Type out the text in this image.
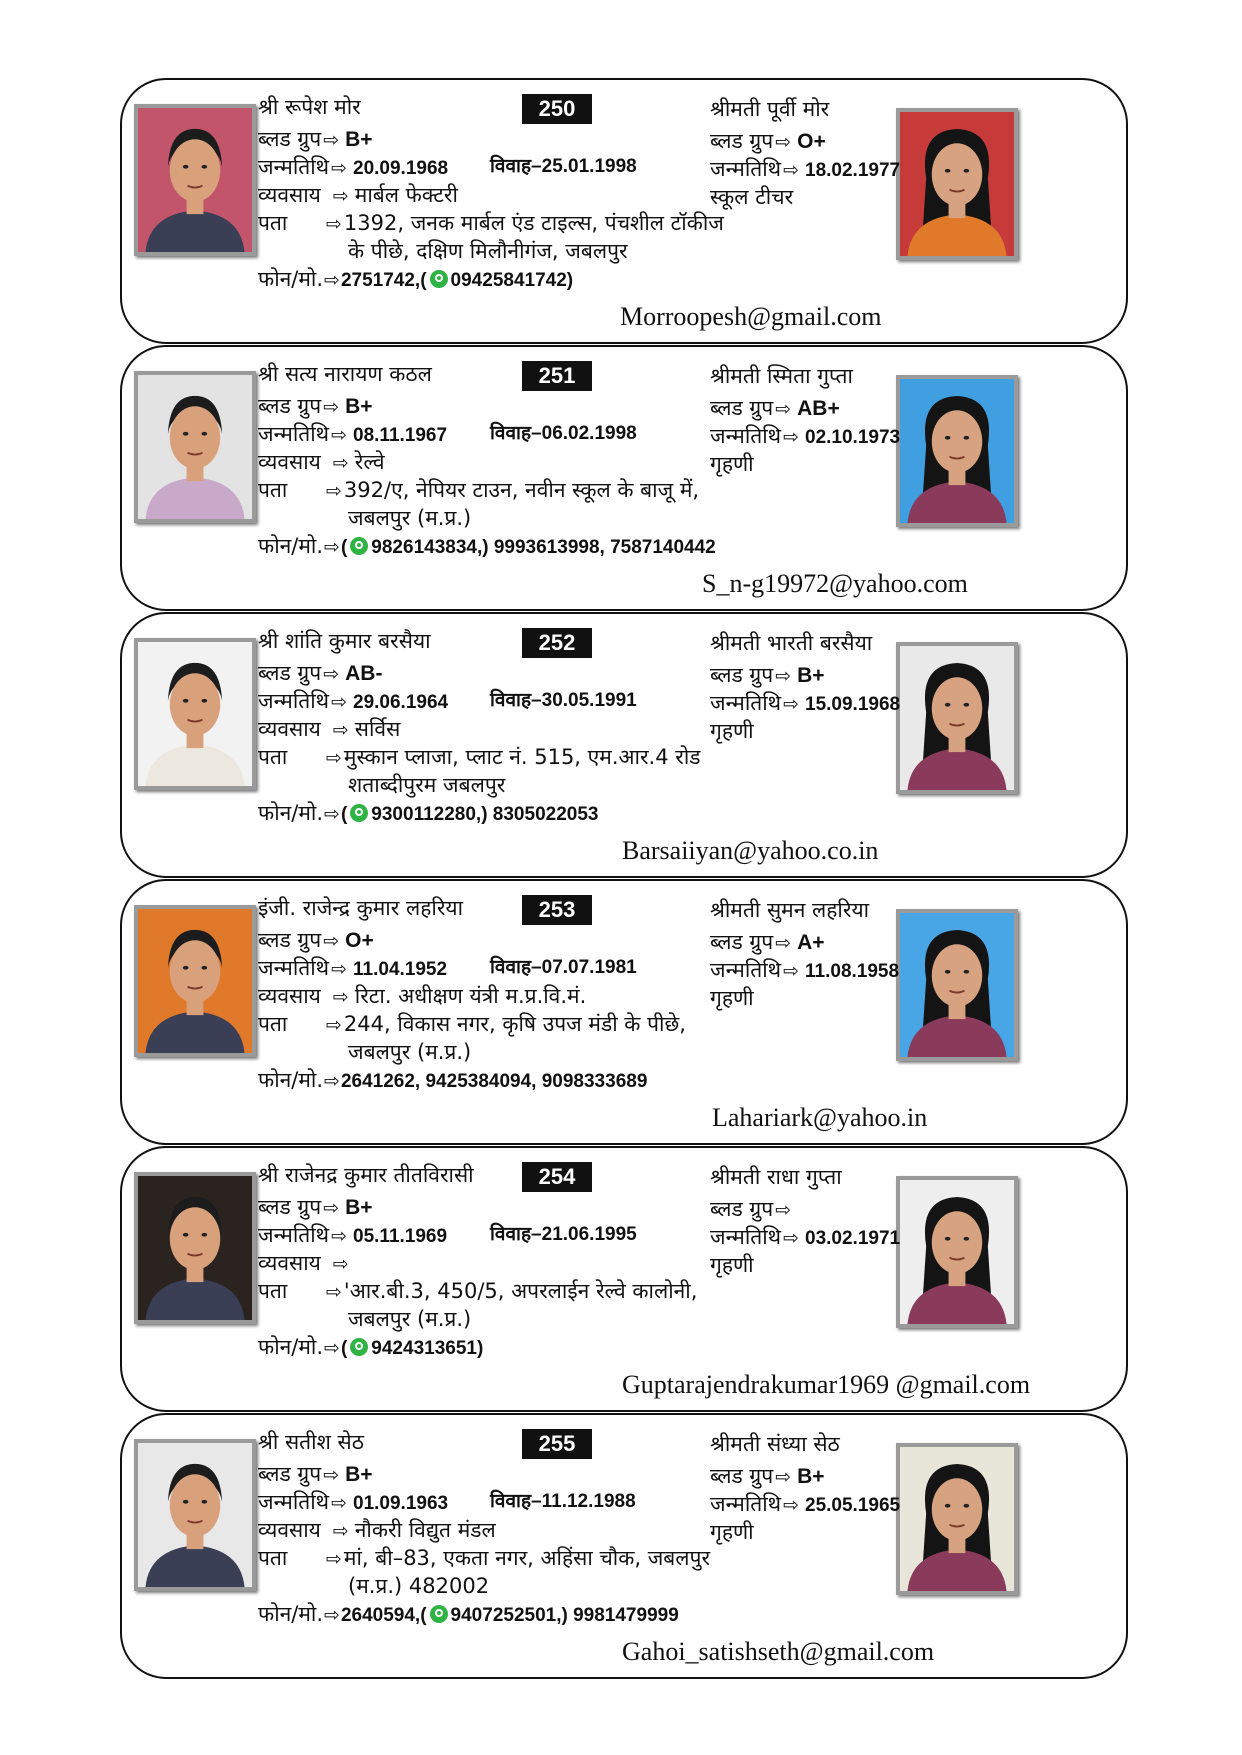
श्री रूपेश मोर	250
ब्लड ग्रुप ⇨ B+
जन्मतिथि ⇨ 20.09.1968 विवाह–25.01.1998
व्यवसाय ⇨ मार्बल फेक्टरी
पता ⇨1392, जनक मार्बल एंड टाइल्स, पंचशील टॉकीज
के पीछे, दक्षिण मिलौनीगंज, जबलपुर
फोन/मो.⇨2751742,( 09425841742)
श्रीमती पूर्वी मोर
ब्लड ग्रुप ⇨ O+
जन्मतिथि ⇨ 18.02.1977
स्कूल टीचर
Morroopesh@gmail.com
श्री सत्य नारायण कठल	251
ब्लड ग्रुप ⇨ B+
जन्मतिथि ⇨ 08.11.1967 विवाह–06.02.1998
व्यवसाय ⇨ रेल्वे
पता ⇨392/ए, नेपियर टाउन, नवीन स्कूल के बाजू में,
जबलपुर (म.प्र.)
फोन/मो.⇨( 9826143834,) 9993613998, 7587140442
श्रीमती स्मिता गुप्ता
ब्लड ग्रुप ⇨ AB+
जन्मतिथि ⇨ 02.10.1973
गृहणी
S_n-g19972@yahoo.com
श्री शांति कुमार बरसैया	252
ब्लड ग्रुप ⇨ AB-
जन्मतिथि ⇨ 29.06.1964 विवाह–30.05.1991
व्यवसाय ⇨ सर्विस
पता ⇨मुस्कान प्लाजा, प्लाट नं. 515, एम.आर.4 रोड
शताब्दीपुरम जबलपुर
फोन/मो.⇨( 9300112280,) 8305022053
श्रीमती भारती बरसैया
ब्लड ग्रुप ⇨ B+
जन्मतिथि ⇨ 15.09.1968
गृहणी
Barsaiiyan@yahoo.co.in
इंजी. राजेन्द्र कुमार लहरिया	253
ब्लड ग्रुप ⇨ O+
जन्मतिथि ⇨ 11.04.1952 विवाह–07.07.1981
व्यवसाय ⇨ रिटा. अधीक्षण यंत्री म.प्र.वि.मं.
पता ⇨244, विकास नगर, कृषि उपज मंडी के पीछे,
जबलपुर (म.प्र.)
फोन/मो.⇨2641262, 9425384094, 9098333689
श्रीमती सुमन लहरिया
ब्लड ग्रुप ⇨ A+
जन्मतिथि ⇨ 11.08.1958
गृहणी
Lahariark@yahoo.in
श्री राजेनद्र कुमार तीतविरासी	254
ब्लड ग्रुप ⇨ B+
जन्मतिथि ⇨ 05.11.1969 विवाह–21.06.1995
व्यवसाय ⇨
पता ⇨'आर.बी.3, 450/5, अपरलाईन रेल्वे कालोनी,
जबलपुर (म.प्र.)
फोन/मो.⇨( 9424313651)
श्रीमती राधा गुप्ता
ब्लड ग्रुप ⇨
जन्मतिथि ⇨ 03.02.1971
गृहणी
Guptarajendrakumar1969 @gmail.com
श्री सतीश सेठ	255
ब्लड ग्रुप ⇨ B+
जन्मतिथि ⇨ 01.09.1963 विवाह–11.12.1988
व्यवसाय ⇨ नौकरी विद्युत मंडल
पता ⇨मां, बी–83, एकता नगर, अहिंसा चौक, जबलपुर
(म.प्र.) 482002
फोन/मो.⇨2640594,( 9407252501,) 9981479999
श्रीमती संध्या सेठ
ब्लड ग्रुप ⇨ B+
जन्मतिथि ⇨ 25.05.1965
गृहणी
Gahoi_satishseth@gmail.com
